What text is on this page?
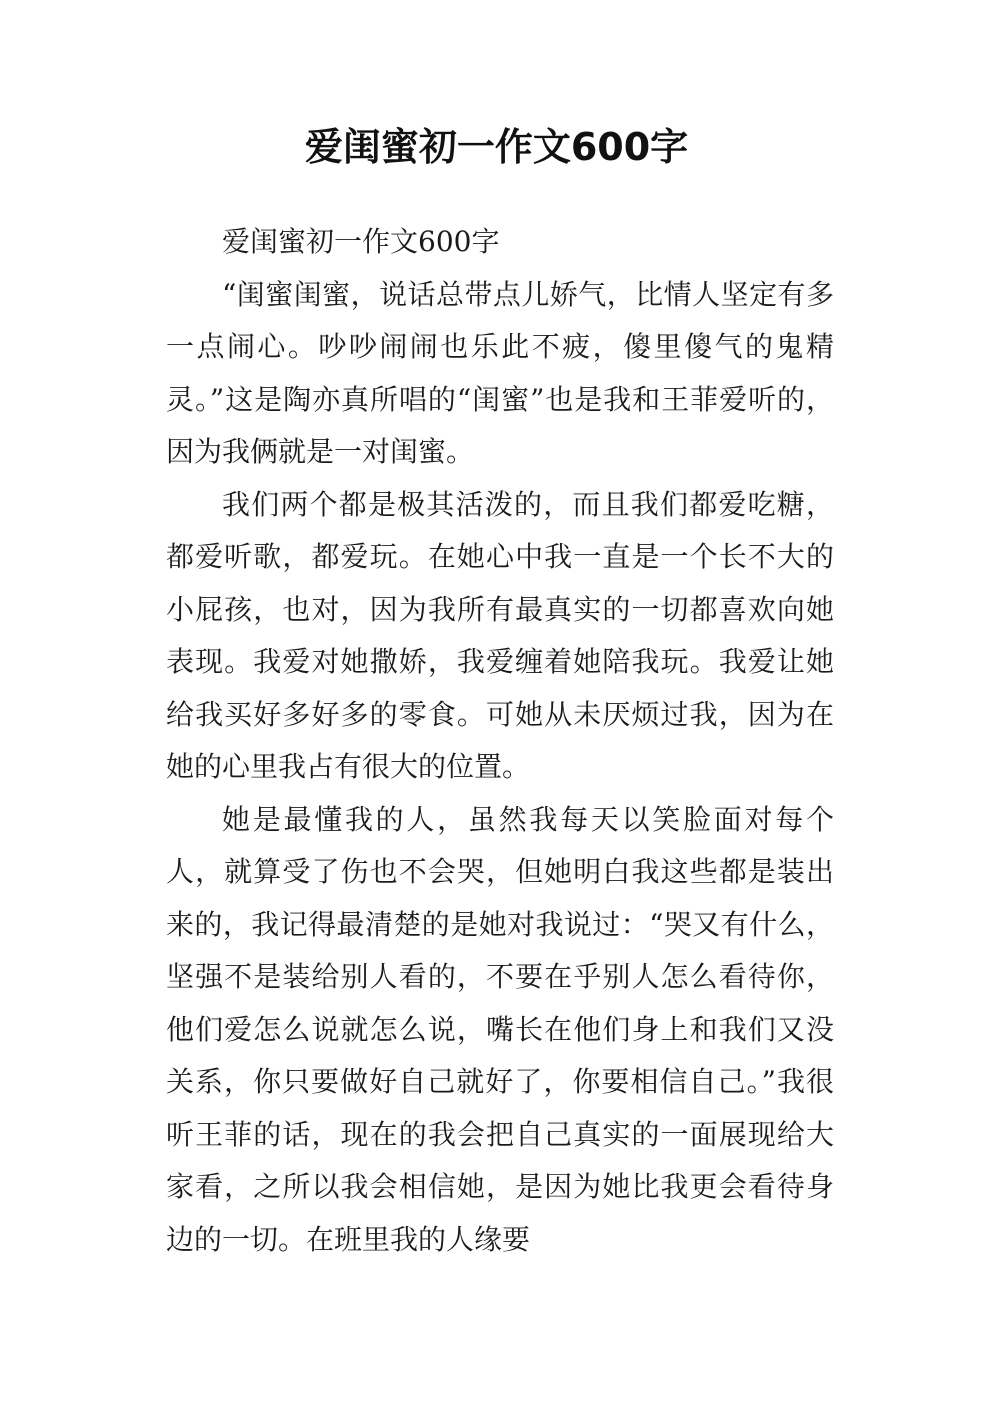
爱闺蜜初一作文600字

爱闺蜜初一作文600字

“闺蜜闺蜜，说话总带点儿娇气，比情人坚定有多一点闹心。吵吵闹闹也乐此不疲，傻里傻气的鬼精灵。”这是陶亦真所唱的“闺蜜”也是我和王菲爱听的，因为我俩就是一对闺蜜。

我们两个都是极其活泼的，而且我们都爱吃糖，都爱听歌，都爱玩。在她心中我一直是一个长不大的小屁孩，也对，因为我所有最真实的一切都喜欢向她表现。我爱对她撒娇，我爱缠着她陪我玩。我爱让她给我买好多好多的零食。可她从未厌烦过我，因为在她的心里我占有很大的位置。

她是最懂我的人，虽然我每天以笑脸面对每个人，就算受了伤也不会哭，但她明白我这些都是装出来的，我记得最清楚的是她对我说过：“哭又有什么，坚强不是装给别人看的，不要在乎别人怎么看待你，他们爱怎么说就怎么说，嘴长在他们身上和我们又没关系，你只要做好自己就好了，你要相信自己。”我很听王菲的话，现在的我会把自己真实的一面展现给大家看，之所以我会相信她，是因为她比我更会看待身边的一切。在班里我的人缘要
